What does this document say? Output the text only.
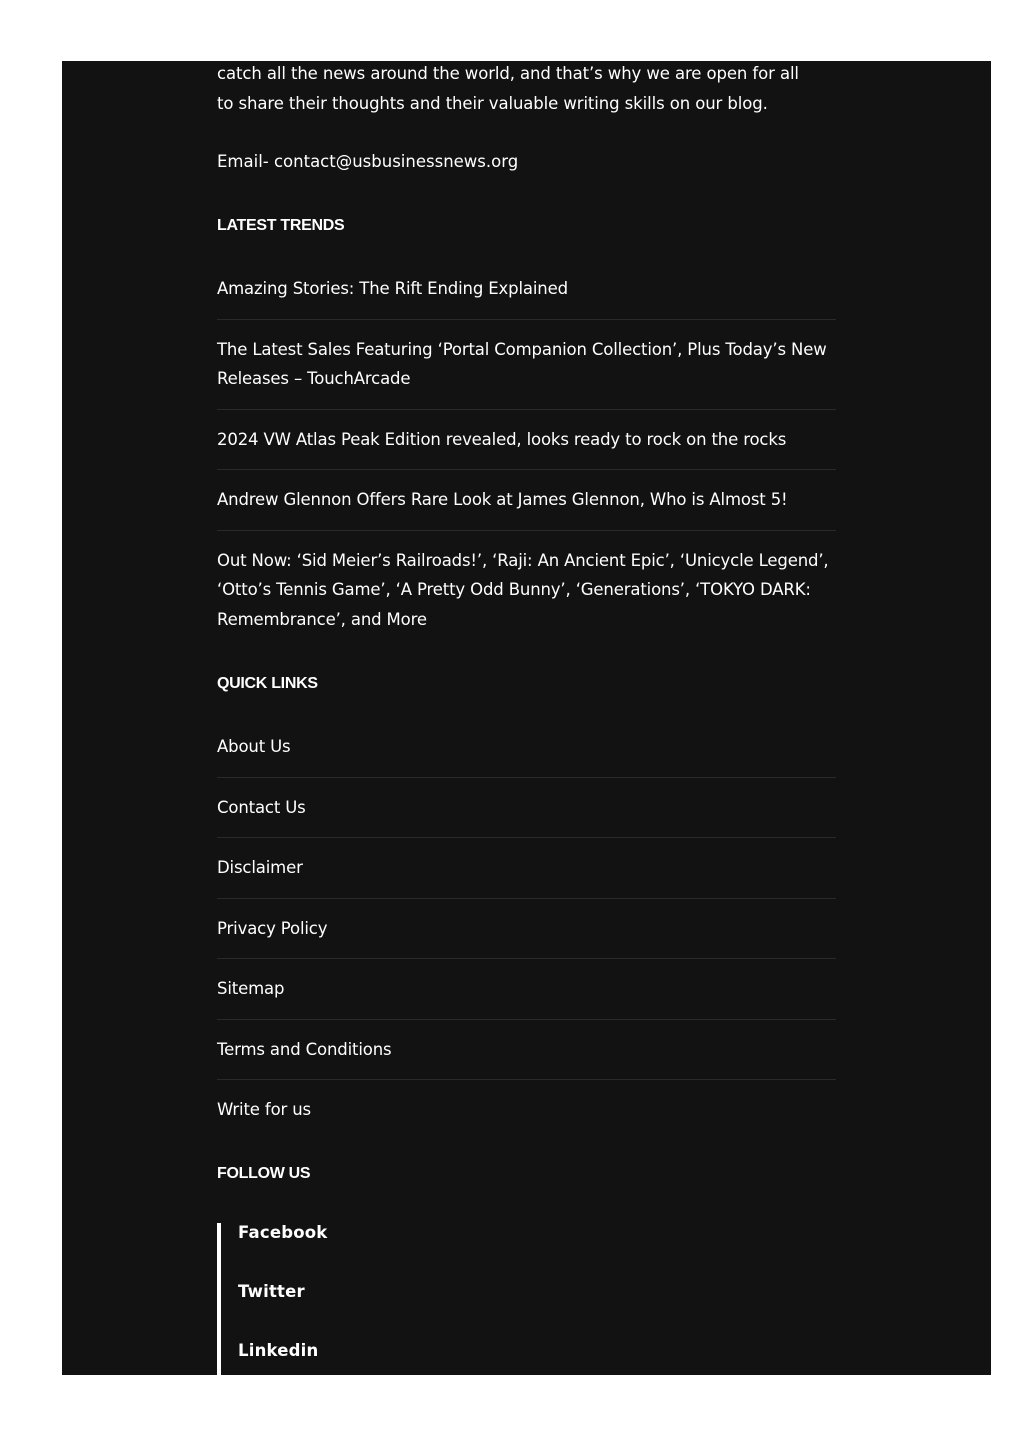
catch all the news around the world, and that’s why we are open for all to share their thoughts and their valuable writing skills on our blog.

Email- contact@usbusinessnews.org

LATEST TRENDS
Amazing Stories: The Rift Ending Explained
The Latest Sales Featuring ‘Portal Companion Collection’, Plus Today’s New Releases – TouchArcade
2024 VW Atlas Peak Edition revealed, looks ready to rock on the rocks
Andrew Glennon Offers Rare Look at James Glennon, Who is Almost 5!
Out Now: ‘Sid Meier’s Railroads!’, ‘Raji: An Ancient Epic’, ‘Unicycle Legend’, ‘Otto’s Tennis Game’, ‘A Pretty Odd Bunny’, ‘Generations’, ‘TOKYO DARK: Remembrance’, and More
QUICK LINKS
About Us
Contact Us
Disclaimer
Privacy Policy
Sitemap
Terms and Conditions
Write for us
FOLLOW US
Facebook
Twitter
Linkedin
